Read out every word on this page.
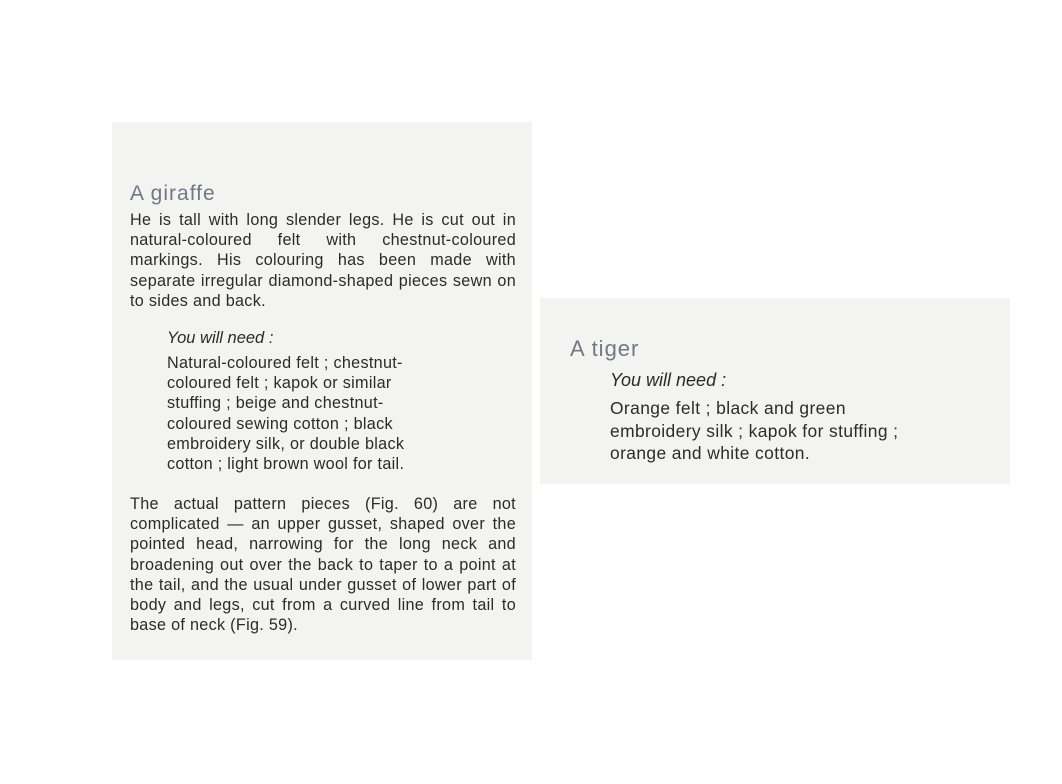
A giraffe

He is tall with long slender legs. He is cut out in natural-coloured felt with chestnut-coloured markings. His colouring has been made with separate irregular diamond-shaped pieces sewn on to sides and back.

You will need :

Natural-coloured felt ; chestnut-
coloured felt ; kapok or similar
stuffing ; beige and chestnut-
coloured sewing cotton ; black
embroidery silk, or double black
cotton ; light brown wool for tail.

The actual pattern pieces (Fig. 60) are not complicated — an upper gusset, shaped over the pointed head, narrowing for the long neck and broadening out over the back to taper to a point at the tail, and the usual under gusset of lower part of body and legs, cut from a curved line from tail to base of neck (Fig. 59).

A tiger

You will need :

Orange felt ; black and green
embroidery silk ; kapok for stuffing ;
orange and white cotton.
